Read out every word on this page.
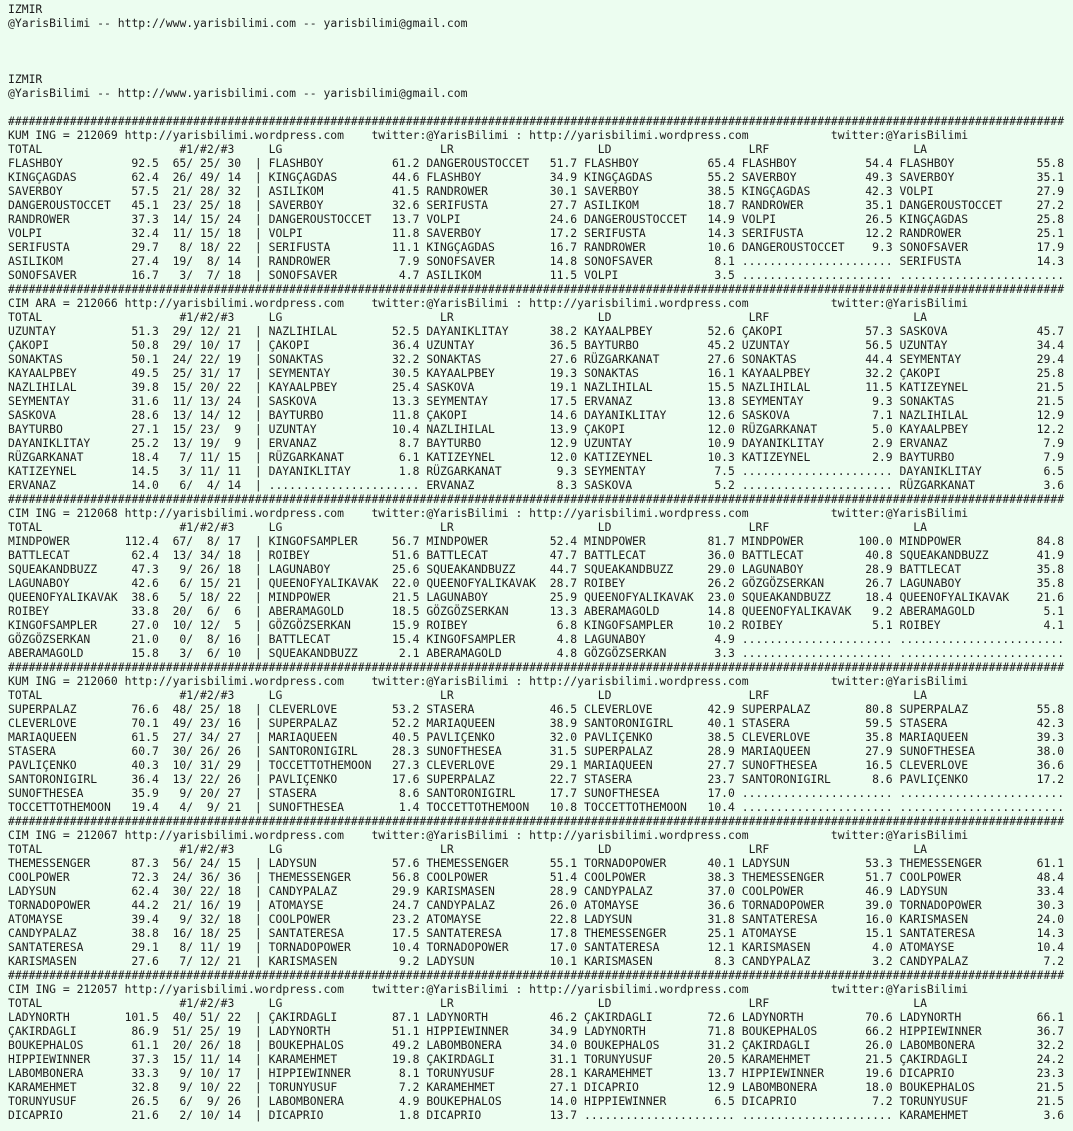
IZMIR
@YarisBilimi -- http://www.yarisbilimi.com -- yarisbilimi@gmail.com
IZMIR
@YarisBilimi -- http://www.yarisbilimi.com -- yarisbilimi@gmail.com
##########################################################################################################################################################
KUM ING = 212069 http://yarisbilimi.wordpress.com twitter:@YarisBilimi : http://yarisbilimi.wordpress.com	twitter:@YarisBilimi
TOTAL	#1/#2/#3	LG	LR	LD	LRF	LA
FLASHBOY	92.5	65/ 25/ 30 | FLASHBOY	61.2 DANGEROUSTOCCET	51.7 FLASHBOY	65.4 FLASHBOY	54.4 FLASHBOY	55.8
KINGÇAGDAS	62.4	26/ 49/ 14 | KINGÇAGDAS	44.6 FLASHBOY	34.9 KINGÇAGDAS	55.2 SAVERBOY	49.3 SAVERBOY	35.1
SAVERBOY	57.5	21/ 28/ 32 | ASILIKOM	41.5 RANDROWER	30.1 SAVERBOY	38.5 KINGÇAGDAS	42.3 VOLPI	27.9
DANGEROUSTOCCET	45.1	23/ 25/ 18 | SAVERBOY	32.6 SERIFUSTA	27.7 ASILIKOM	18.7 RANDROWER	35.1 DANGEROUSTOCCET	27.2
RANDROWER	37.3	14/ 15/ 24 | DANGEROUSTOCCET	13.7 VOLPI	24.6 DANGEROUSTOCCET	14.9 VOLPI	26.5 KINGÇAGDAS	25.8
VOLPI	32.4	11/ 15/ 18 | VOLPI	11.8 SAVERBOY	17.2 SERIFUSTA	14.3 SERIFUSTA	12.2 RANDROWER	25.1
SERIFUSTA	29.7	8/ 18/ 22 | SERIFUSTA	11.1 KINGÇAGDAS	16.7 RANDROWER	10.6 DANGEROUSTOCCET	9.3 SONOFSAVER	17.9
ASILIKOM	27.4	19/  8/ 14 | RANDROWER	7.9 SONOFSAVER	14.8 SONOFSAVER	8.1 ...................... SERIFUSTA	14.3
SONOFSAVER	16.7	3/  7/ 18 | SONOFSAVER	4.7 ASILIKOM	11.5 VOLPI	3.5 ...................... ........................
##########################################################################################################################################################
CIM ARA = 212066 http://yarisbilimi.wordpress.com twitter:@YarisBilimi : http://yarisbilimi.wordpress.com	twitter:@YarisBilimi
TOTAL	#1/#2/#3	LG	LR	LD	LRF	LA
UZUNTAY	51.3	29/ 12/ 21 | NAZLIHILAL	52.5 DAYANIKLITAY	38.2 KAYAALPBEY	52.6 ÇAKOPI	57.3 SASKOVA	45.7
ÇAKOPI	50.8	29/ 10/ 17 | ÇAKOPI	36.4 UZUNTAY	36.5 BAYTURBO	45.2 UZUNTAY	56.5 UZUNTAY	34.4
SONAKTAS	50.1	24/ 22/ 19 | SONAKTAS	32.2 SONAKTAS	27.6 RÜZGARKANAT	27.6 SONAKTAS	44.4 SEYMENTAY	29.4
KAYAALPBEY	49.5	25/ 31/ 17 | SEYMENTAY	30.5 KAYAALPBEY	19.3 SONAKTAS	16.1 KAYAALPBEY	32.2 ÇAKOPI	25.8
NAZLIHILAL	39.8	15/ 20/ 22 | KAYAALPBEY	25.4 SASKOVA	19.1 NAZLIHILAL	15.5 NAZLIHILAL	11.5 KATIZEYNEL	21.5
SEYMENTAY	31.6	11/ 13/ 24 | SASKOVA	13.3 SEYMENTAY	17.5 ERVANAZ	13.8 SEYMENTAY	9.3 SONAKTAS	21.5
SASKOVA	28.6	13/ 14/ 12 | BAYTURBO	11.8 ÇAKOPI	14.6 DAYANIKLITAY	12.6 SASKOVA	7.1 NAZLIHILAL	12.9
BAYTURBO	27.1	15/ 23/  9 | UZUNTAY	10.4 NAZLIHILAL	13.9 ÇAKOPI	12.0 RÜZGARKANAT	5.0 KAYAALPBEY	12.2
DAYANIKLITAY	25.2	13/ 19/  9 | ERVANAZ	8.7 BAYTURBO	12.9 UZUNTAY	10.9 DAYANIKLITAY	2.9 ERVANAZ	7.9
RÜZGARKANAT	18.4	7/ 11/ 15 | RÜZGARKANAT	6.1 KATIZEYNEL	12.0 KATIZEYNEL	10.3 KATIZEYNEL	2.9 BAYTURBO	7.9
KATIZEYNEL	14.5	3/ 11/ 11 | DAYANIKLITAY	1.8 RÜZGARKANAT	9.3 SEYMENTAY	7.5 ...................... DAYANIKLITAY	6.5
ERVANAZ	14.0	6/  4/ 14 | ...................... ERVANAZ	8.3 SASKOVA	5.2 ...................... RÜZGARKANAT	3.6
##########################################################################################################################################################
CIM ING = 212068 http://yarisbilimi.wordpress.com twitter:@YarisBilimi : http://yarisbilimi.wordpress.com	twitter:@YarisBilimi
TOTAL	#1/#2/#3	LG	LR	LD	LRF	LA
MINDPOWER	112.4	67/  8/ 17 | KINGOFSAMPLER	56.7 MINDPOWER	52.4 MINDPOWER	81.7 MINDPOWER	100.0 MINDPOWER	84.8
BATTLECAT	62.4	13/ 34/ 18 | ROIBEY	51.6 BATTLECAT	47.7 BATTLECAT	36.0 BATTLECAT	40.8 SQUEAKANDBUZZ	41.9
SQUEAKANDBUZZ	47.3	9/ 26/ 18 | LAGUNABOY	25.6 SQUEAKANDBUZZ	44.7 SQUEAKANDBUZZ	29.0 LAGUNABOY	28.9 BATTLECAT	35.8
LAGUNABOY	42.6	6/ 15/ 21 | QUEENOFYALIKAVAK	22.0 QUEENOFYALIKAVAK	28.7 ROIBEY	26.2 GÖZGÖZSERKAN	26.7 LAGUNABOY	35.8
QUEENOFYALIKAVAK	38.6	5/ 18/ 22 | MINDPOWER	21.5 LAGUNABOY	25.9 QUEENOFYALIKAVAK	23.0 SQUEAKANDBUZZ	18.4 QUEENOFYALIKAVAK	21.6
ROIBEY	33.8	20/  6/  6 | ABERAMAGOLD	18.5 GÖZGÖZSERKAN	13.3 ABERAMAGOLD	14.8 QUEENOFYALIKAVAK	9.2 ABERAMAGOLD	5.1
KINGOFSAMPLER	27.0	10/ 12/  5 | GÖZGÖZSERKAN	15.9 ROIBEY	6.8 KINGOFSAMPLER	10.2 ROIBEY	5.1 ROIBEY	4.1
GÖZGÖZSERKAN	21.0	0/  8/ 16 | BATTLECAT	15.4 KINGOFSAMPLER	4.8 LAGUNABOY	4.9 ...................... ........................
ABERAMAGOLD	15.8	3/  6/ 10 | SQUEAKANDBUZZ	2.1 ABERAMAGOLD	4.8 GÖZGÖZSERKAN	3.3 ...................... ........................
##########################################################################################################################################################
KUM ING = 212060 http://yarisbilimi.wordpress.com twitter:@YarisBilimi : http://yarisbilimi.wordpress.com	twitter:@YarisBilimi
TOTAL	#1/#2/#3	LG	LR	LD	LRF	LA
SUPERPALAZ	76.6	48/ 25/ 18 | CLEVERLOVE	53.2 STASERA	46.5 CLEVERLOVE	42.9 SUPERPALAZ	80.8 SUPERPALAZ	55.8
CLEVERLOVE	70.1	49/ 23/ 16 | SUPERPALAZ	52.2 MARIAQUEEN	38.9 SANTORONIGIRL	40.1 STASERA	59.5 STASERA	42.3
MARIAQUEEN	61.5	27/ 34/ 27 | MARIAQUEEN	40.5 PAVLIÇENKO	32.0 PAVLIÇENKO	38.5 CLEVERLOVE	35.8 MARIAQUEEN	39.3
STASERA	60.7	30/ 26/ 26 | SANTORONIGIRL	28.3 SUNOFTHESEA	31.5 SUPERPALAZ	28.9 MARIAQUEEN	27.9 SUNOFTHESEA	38.0
PAVLIÇENKO	40.3	10/ 31/ 29 | TOCCETTOTHEMOON	27.3 CLEVERLOVE	29.1 MARIAQUEEN	27.7 SUNOFTHESEA	16.5 CLEVERLOVE	36.6
SANTORONIGIRL	36.4	13/ 22/ 26 | PAVLIÇENKO	17.6 SUPERPALAZ	22.7 STASERA	23.7 SANTORONIGIRL	8.6 PAVLIÇENKO	17.2
SUNOFTHESEA	35.9	9/ 20/ 27 | STASERA	8.6 SANTORONIGIRL	17.7 SUNOFTHESEA	17.0 ...................... ........................
TOCCETTOTHEMOON	19.4	4/  9/ 21 | SUNOFTHESEA	1.4 TOCCETTOTHEMOON	10.8 TOCCETTOTHEMOON	10.4 ...................... ........................
##########################################################################################################################################################
CIM ING = 212067 http://yarisbilimi.wordpress.com twitter:@YarisBilimi : http://yarisbilimi.wordpress.com	twitter:@YarisBilimi
TOTAL	#1/#2/#3	LG	LR	LD	LRF	LA
THEMESSENGER	87.3	56/ 24/ 15 | LADYSUN	57.6 THEMESSENGER	55.1 TORNADOPOWER	40.1 LADYSUN	53.3 THEMESSENGER	61.1
COOLPOWER	72.3	24/ 36/ 36 | THEMESSENGER	56.8 COOLPOWER	51.4 COOLPOWER	38.3 THEMESSENGER	51.7 COOLPOWER	48.4
LADYSUN	62.4	30/ 22/ 18 | CANDYPALAZ	29.9 KARISMASEN	28.9 CANDYPALAZ	37.0 COOLPOWER	46.9 LADYSUN	33.4
TORNADOPOWER	44.2	21/ 16/ 19 | ATOMAYSE	24.7 CANDYPALAZ	26.0 ATOMAYSE	36.6 TORNADOPOWER	39.0 TORNADOPOWER	30.3
ATOMAYSE	39.4	9/ 32/ 18 | COOLPOWER	23.2 ATOMAYSE	22.8 LADYSUN	31.8 SANTATERESA	16.0 KARISMASEN	24.0
CANDYPALAZ	38.8	16/ 18/ 25 | SANTATERESA	17.5 SANTATERESA	17.8 THEMESSENGER	25.1 ATOMAYSE	15.1 SANTATERESA	14.3
SANTATERESA	29.1	8/ 11/ 19 | TORNADOPOWER	10.4 TORNADOPOWER	17.0 SANTATERESA	12.1 KARISMASEN	4.0 ATOMAYSE	10.4
KARISMASEN	27.6	7/ 12/ 21 | KARISMASEN	9.2 LADYSUN	10.1 KARISMASEN	8.3 CANDYPALAZ	3.2 CANDYPALAZ	7.2
##########################################################################################################################################################
CIM ING = 212057 http://yarisbilimi.wordpress.com twitter:@YarisBilimi : http://yarisbilimi.wordpress.com	twitter:@YarisBilimi
TOTAL	#1/#2/#3	LG	LR	LD	LRF	LA
LADYNORTH	101.5	40/ 51/ 22 | ÇAKIRDAGLI	87.1 LADYNORTH	46.2 ÇAKIRDAGLI	72.6 LADYNORTH	70.6 LADYNORTH	66.1
ÇAKIRDAGLI	86.9	51/ 25/ 19 | LADYNORTH	51.1 HIPPIEWINNER	34.9 LADYNORTH	71.8 BOUKEPHALOS	66.2 HIPPIEWINNER	36.7
BOUKEPHALOS	61.1	20/ 26/ 18 | BOUKEPHALOS	49.2 LABOMBONERA	34.0 BOUKEPHALOS	31.2 ÇAKIRDAGLI	26.0 LABOMBONERA	32.2
HIPPIEWINNER	37.3	15/ 11/ 14 | KARAMEHMET	19.8 ÇAKIRDAGLI	31.1 TORUNYUSUF	20.5 KARAMEHMET	21.5 ÇAKIRDAGLI	24.2
LABOMBONERA	33.3	9/ 10/ 17 | HIPPIEWINNER	8.1 TORUNYUSUF	28.1 KARAMEHMET	13.7 HIPPIEWINNER	19.6 DICAPRIO	23.3
KARAMEHMET	32.8	9/ 10/ 22 | TORUNYUSUF	7.2 KARAMEHMET	27.1 DICAPRIO	12.9 LABOMBONERA	18.0 BOUKEPHALOS	21.5
TORUNYUSUF	26.5	6/  9/ 26 | LABOMBONERA	4.9 BOUKEPHALOS	14.0 HIPPIEWINNER	6.5 DICAPRIO	7.2 TORUNYUSUF	21.5
DICAPRIO	21.6	2/ 10/ 14 | DICAPRIO	1.8 DICAPRIO	13.7 ...................... ...................... KARAMEHMET	3.6
